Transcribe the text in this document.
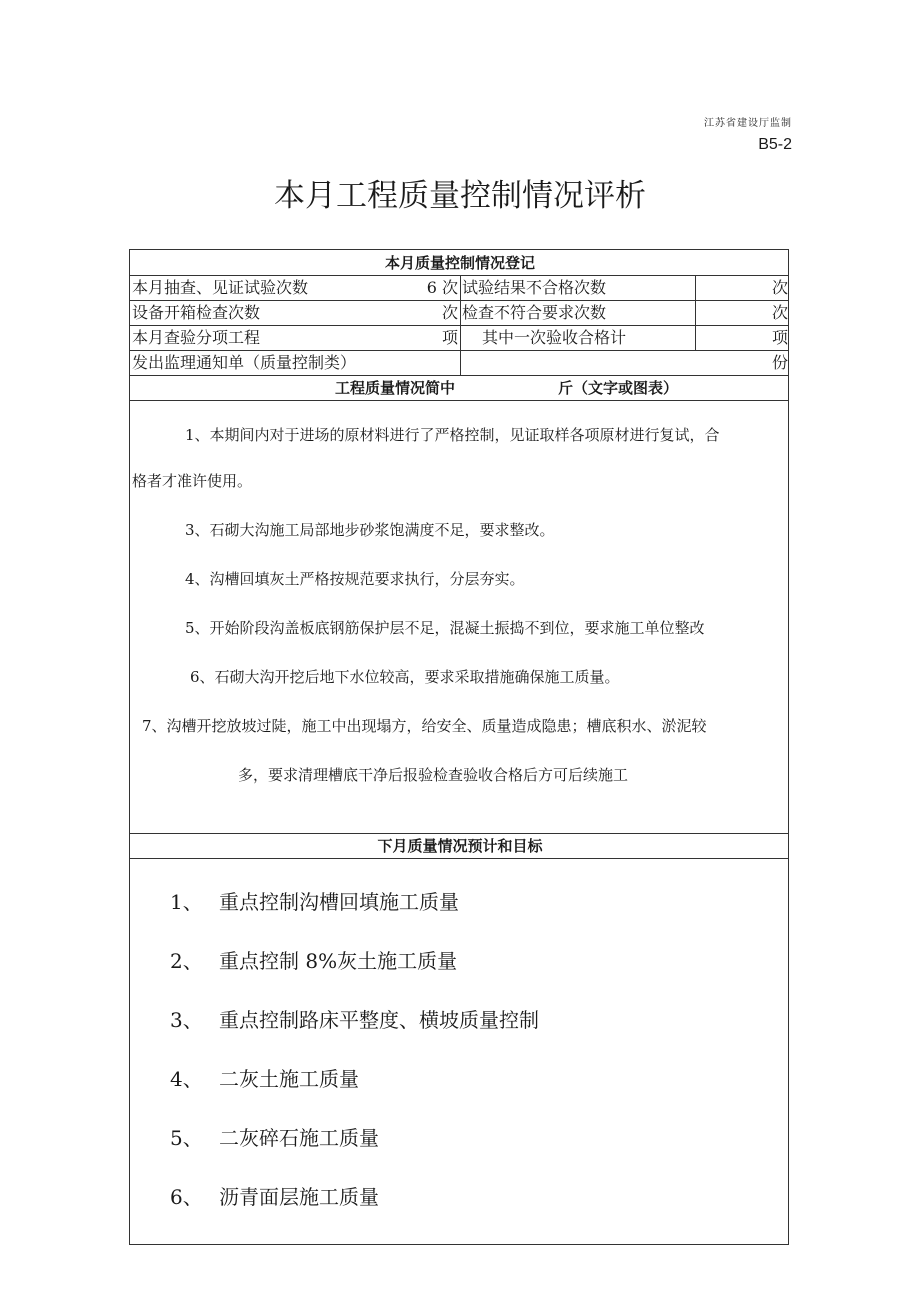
江苏省建设厅监制
B5-2
本月工程质量控制情况评析
本月质量控制情况登记
本月抽查、见证试验次数	6 次 试验结果不合格次数	次
设备开箱检查次数	次 检查不符合要求次数	次
本月查验分项工程	项 其中一次验收合格计	项
发出监理通知单（质量控制类）	份
工程质量情况简中	斤（文字或图表）
1、本期间内对于进场的原材料进行了严格控制，见证取样各项原材进行复试，合
格者才准许使用。
3、石砌大沟施工局部地步砂浆饱满度不足，要求整改。
4、沟槽回填灰土严格按规范要求执行，分层夯实。
5、开始阶段沟盖板底钢筋保护层不足，混凝土振捣不到位，要求施工单位整改
6、石砌大沟开挖后地下水位较高，要求采取措施确保施工质量。
7、沟槽开挖放坡过陡，施工中出现塌方，给安全、质量造成隐患；槽底积水、淤泥较
多，要求清理槽底干净后报验检查验收合格后方可后续施工
下月质量情况预计和目标
1、 重点控制沟槽回填施工质量
2、 重点控制 8%灰土施工质量
3、 重点控制路床平整度、横坡质量控制
4、 二灰土施工质量
5、 二灰碎石施工质量
6、 沥青面层施工质量
